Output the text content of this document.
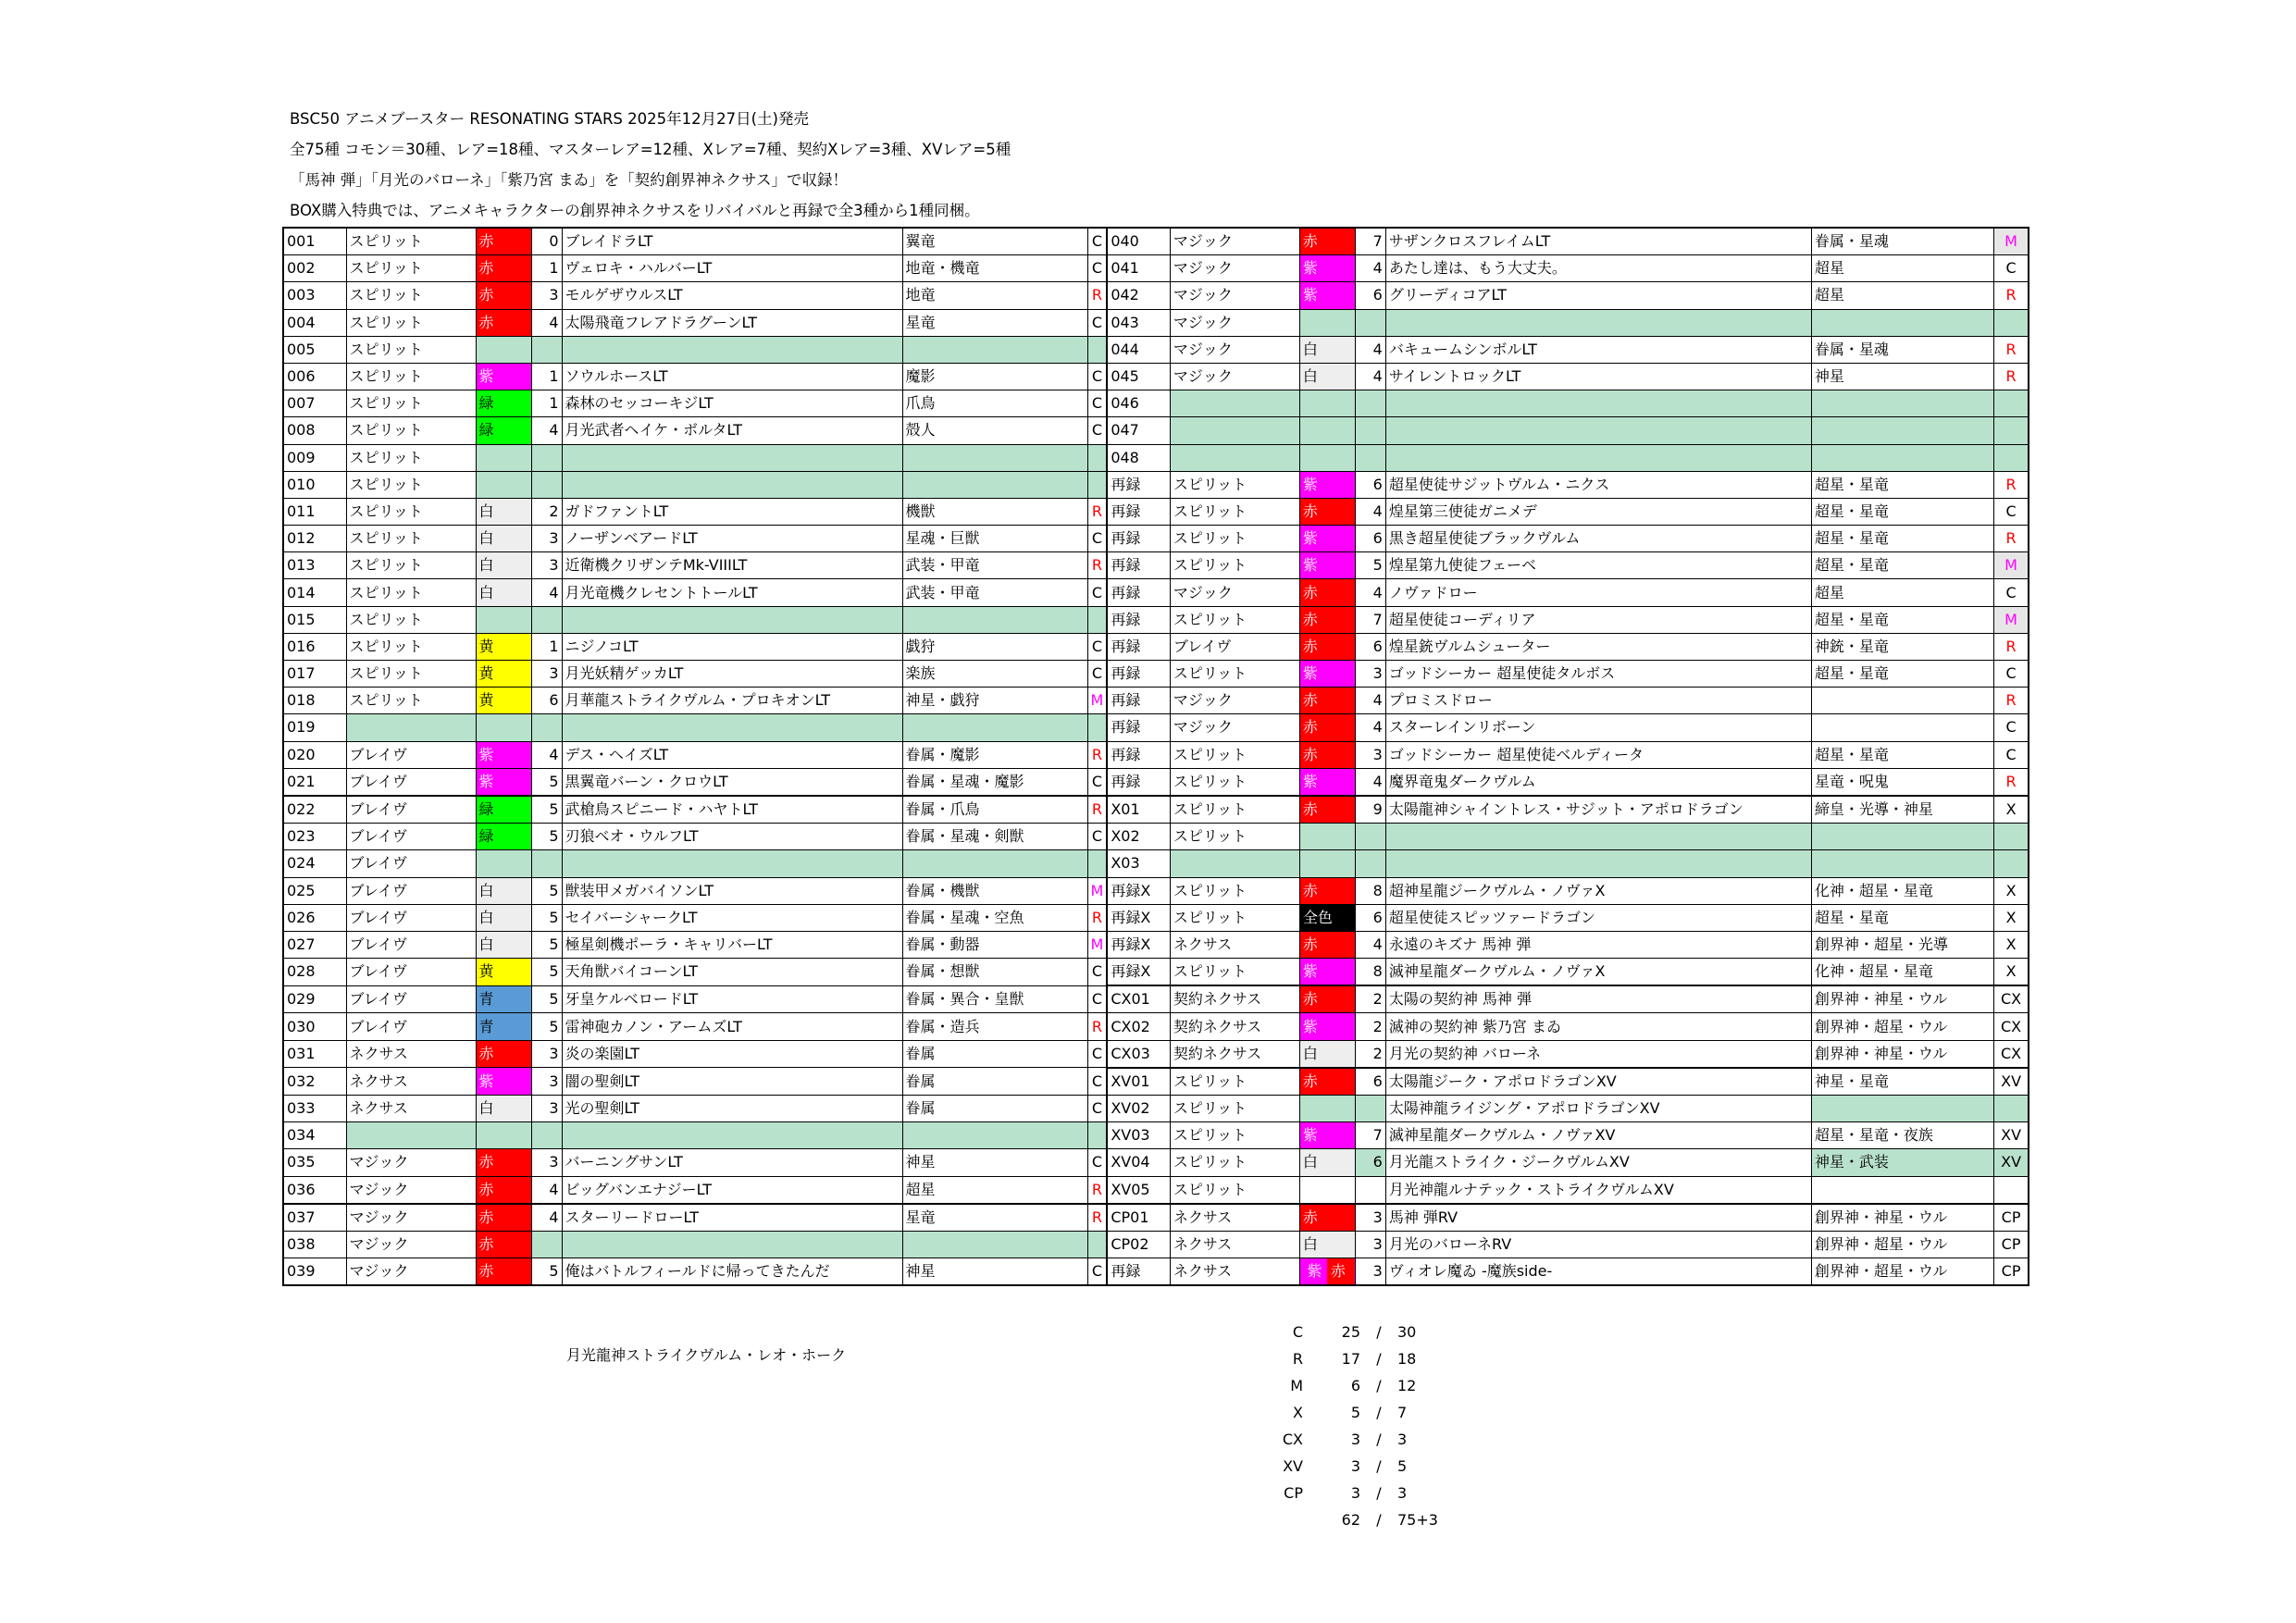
BSC50 アニメブースター RESONATING STARS 2025年12月27日(土)発売
全75種 コモン＝30種、レア=18種、マスターレア=12種、Xレア=7種、契約Xレア=3種、XVレア=5種
「馬神 弾」「月光のバローネ」「紫乃宮 まゐ」を「契約創界神ネクサス」で収録！
BOX購入特典では、アニメキャラクターの創界神ネクサスをリバイバルと再録で全3種から1種同梱。
001	スピリット	赤	0	ブレイドラLT	翼竜	C	040	マジック	赤	7	サザンクロスフレイムLT	眷属・星魂	M
002	スピリット	赤	1	ヴェロキ・ハルバーLT	地竜・機竜	C	041	マジック	紫	4	あたし達は、もう大丈夫。	超星	C
003	スピリット	赤	3	モルゲザウルスLT	地竜	R	042	マジック	紫	6	グリーディコアLT	超星	R
004	スピリット	赤	4	太陽飛竜フレアドラグーンLT	星竜	C	043	マジック					
005	スピリット						044	マジック	白	4	バキュームシンボルLT	眷属・星魂	R
006	スピリット	紫	1	ソウルホースLT	魔影	C	045	マジック	白	4	サイレントロックLT	神星	R
007	スピリット	緑	1	森林のセッコーキジLT	爪鳥	C	046						
008	スピリット	緑	4	月光武者ヘイケ・ボルタLT	殻人	C	047						
009	スピリット						048						
010	スピリット						再録	スピリット	紫	6	超星使徒サジットヴルム・ニクス	超星・星竜	R
011	スピリット	白	2	ガドファントLT	機獣	R	再録	スピリット	赤	4	煌星第三使徒ガニメデ	超星・星竜	C
012	スピリット	白	3	ノーザンベアードLT	星魂・巨獣	C	再録	スピリット	紫	6	黒き超星使徒ブラックヴルム	超星・星竜	R
013	スピリット	白	3	近衛機クリザンテMk-VIIILT	武装・甲竜	R	再録	スピリット	紫	5	煌星第九使徒フェーベ	超星・星竜	M
014	スピリット	白	4	月光竜機クレセントトールLT	武装・甲竜	C	再録	マジック	赤	4	ノヴァドロー	超星	C
015	スピリット						再録	スピリット	赤	7	超星使徒コーディリア	超星・星竜	M
016	スピリット	黄	1	ニジノコLT	戯狩	C	再録	ブレイヴ	赤	6	煌星銃ヴルムシューター	神銃・星竜	R
017	スピリット	黄	3	月光妖精ゲッカLT	楽族	C	再録	スピリット	紫	3	ゴッドシーカー 超星使徒タルボス	超星・星竜	C
018	スピリット	黄	6	月華龍ストライクヴルム・プロキオンLT	神星・戯狩	M	再録	マジック	赤	4	プロミスドロー		R
019							再録	マジック	赤	4	スターレインリボーン		C
020	ブレイヴ	紫	4	デス・ヘイズLT	眷属・魔影	R	再録	スピリット	赤	3	ゴッドシーカー 超星使徒ベルディータ	超星・星竜	C
021	ブレイヴ	紫	5	黒翼竜バーン・クロウLT	眷属・星魂・魔影	C	再録	スピリット	紫	4	魔界竜鬼ダークヴルム	星竜・呪鬼	R
022	ブレイヴ	緑	5	武槍鳥スピニード・ハヤトLT	眷属・爪鳥	R	X01	スピリット	赤	9	太陽龍神シャイントレス・サジット・アポロドラゴン	締皇・光導・神星	X
023	ブレイヴ	緑	5	刃狼ベオ・ウルフLT	眷属・星魂・剣獣	C	X02	スピリット					
024	ブレイヴ						X03						
025	ブレイヴ	白	5	獣装甲メガバイソンLT	眷属・機獣	M	再録X	スピリット	赤	8	超神星龍ジークヴルム・ノヴァX	化神・超星・星竜	X
026	ブレイヴ	白	5	セイバーシャークLT	眷属・星魂・空魚	R	再録X	スピリット	全色	6	超星使徒スピッツァードラゴン	超星・星竜	X
027	ブレイヴ	白	5	極星剣機ポーラ・キャリバーLT	眷属・動器	M	再録X	ネクサス	赤	4	永遠のキズナ 馬神 弾	創界神・超星・光導	X
028	ブレイヴ	黄	5	天角獣バイコーンLT	眷属・想獣	C	再録X	スピリット	紫	8	滅神星龍ダークヴルム・ノヴァX	化神・超星・星竜	X
029	ブレイヴ	青	5	牙皇ケルベロードLT	眷属・異合・皇獣	C	CX01	契約ネクサス	赤	2	太陽の契約神 馬神 弾	創界神・神星・ウル	CX
030	ブレイヴ	青	5	雷神砲カノン・アームズLT	眷属・造兵	R	CX02	契約ネクサス	紫	2	滅神の契約神 紫乃宮 まゐ	創界神・超星・ウル	CX
031	ネクサス	赤	3	炎の楽園LT	眷属	C	CX03	契約ネクサス	白	2	月光の契約神 バローネ	創界神・神星・ウル	CX
032	ネクサス	紫	3	闇の聖剣LT	眷属	C	XV01	スピリット	赤	6	太陽龍ジーク・アポロドラゴンXV	神星・星竜	XV
033	ネクサス	白	3	光の聖剣LT	眷属	C	XV02	スピリット			太陽神龍ライジング・アポロドラゴンXV		
034							XV03	スピリット	紫	7	滅神星龍ダークヴルム・ノヴァXV	超星・星竜・夜族	XV
035	マジック	赤	3	バーニングサンLT	神星	C	XV04	スピリット	白	6	月光龍ストライク・ジークヴルムXV	神星・武装	XV
036	マジック	赤	4	ビッグバンエナジーLT	超星	R	XV05	スピリット			月光神龍ルナテック・ストライクヴルムXV		
037	マジック	赤	4	スターリードローLT	星竜	R	CP01	ネクサス	赤	3	馬神 弾RV	創界神・神星・ウル	CP
038	マジック	赤					CP02	ネクサス	白	3	月光のバローネRV	創界神・超星・ウル	CP
039	マジック	赤	5	俺はバトルフィールドに帰ってきたんだ	神星	C	再録	ネクサス	紫 赤	3	ヴィオレ魔ゐ -魔族side-	創界神・超星・ウル	CP
月光龍神ストライクヴルム・レオ・ホーク
C	25	/	30
R	17	/	18
M	6	/	12
X	5	/	7
CX	3	/	3
XV	3	/	5
CP	3	/	3
	62	/	75+3
